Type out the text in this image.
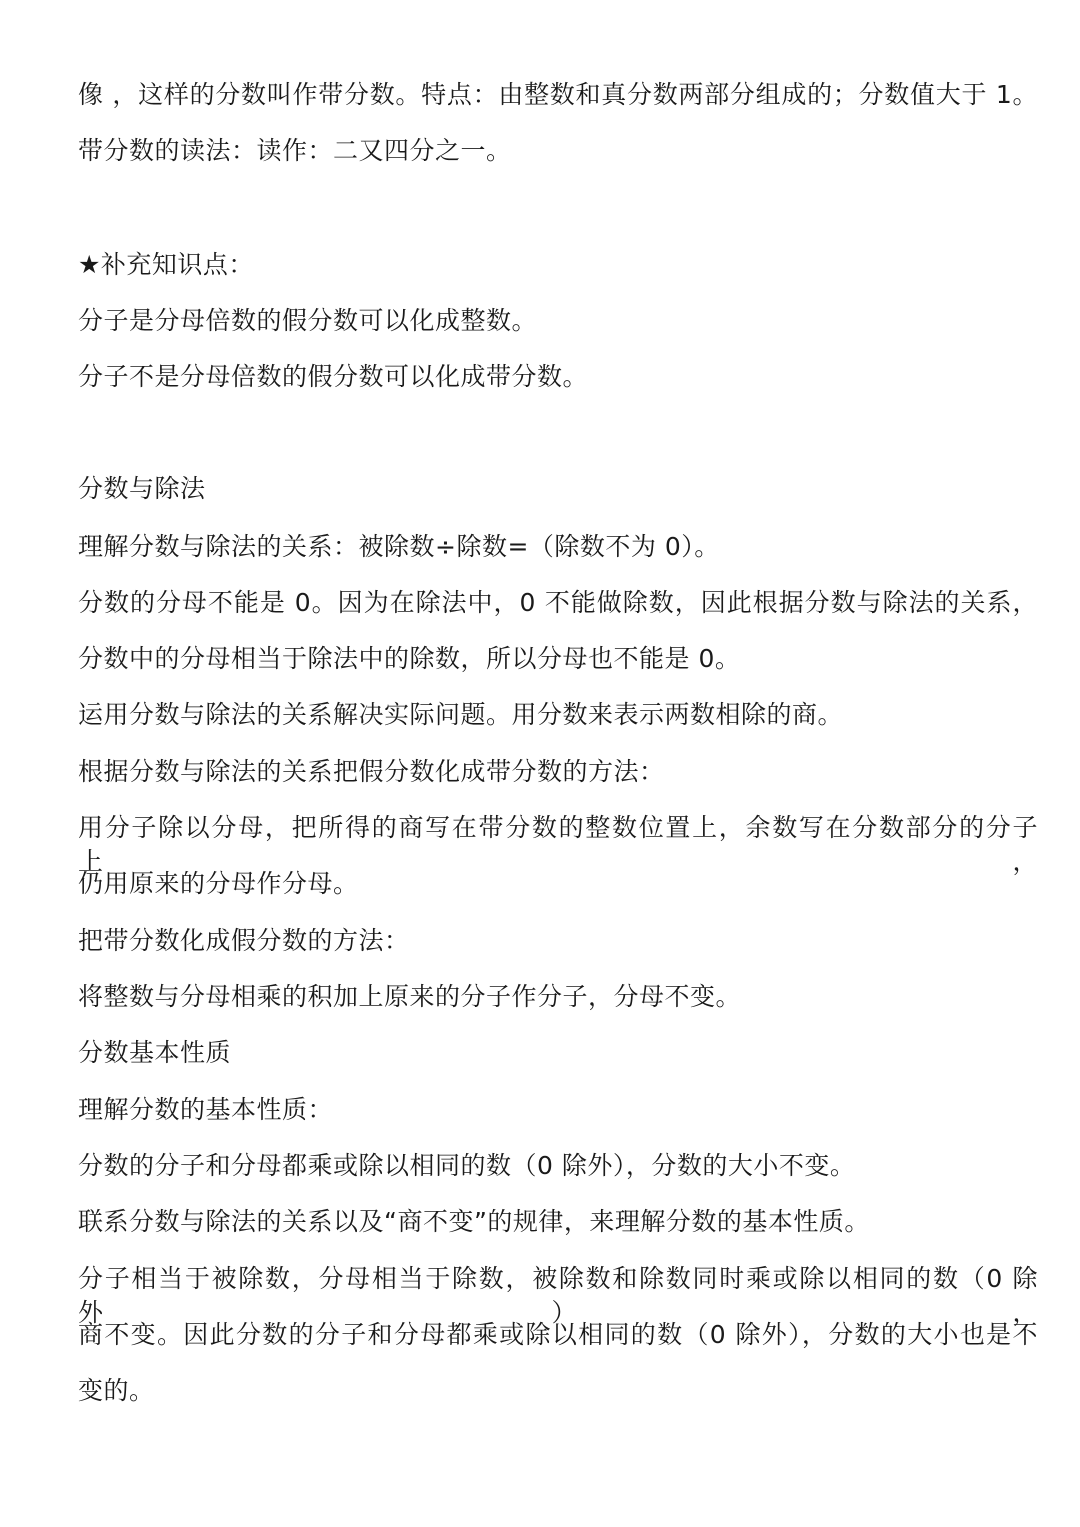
像 ，这样的分数叫作带分数。特点：由整数和真分数两部分组成的；分数值大于 1。
带分数的读法：读作：二又四分之一。
★补充知识点：
分子是分母倍数的假分数可以化成整数。
分子不是分母倍数的假分数可以化成带分数。
分数与除法
理解分数与除法的关系：被除数÷除数=（除数不为 0）。
分数的分母不能是 0。因为在除法中，0 不能做除数，因此根据分数与除法的关系，
分数中的分母相当于除法中的除数，所以分母也不能是 0。
运用分数与除法的关系解决实际问题。用分数来表示两数相除的商。
根据分数与除法的关系把假分数化成带分数的方法：
用分子除以分母，把所得的商写在带分数的整数位置上，余数写在分数部分的分子上，
仍用原来的分母作分母。
把带分数化成假分数的方法：
将整数与分母相乘的积加上原来的分子作分子，分母不变。
分数基本性质
理解分数的基本性质：
分数的分子和分母都乘或除以相同的数（0 除外），分数的大小不变。
联系分数与除法的关系以及“商不变”的规律，来理解分数的基本性质。
分子相当于被除数，分母相当于除数，被除数和除数同时乘或除以相同的数（0 除外），
商不变。因此分数的分子和分母都乘或除以相同的数（0 除外），分数的大小也是不
变的。
